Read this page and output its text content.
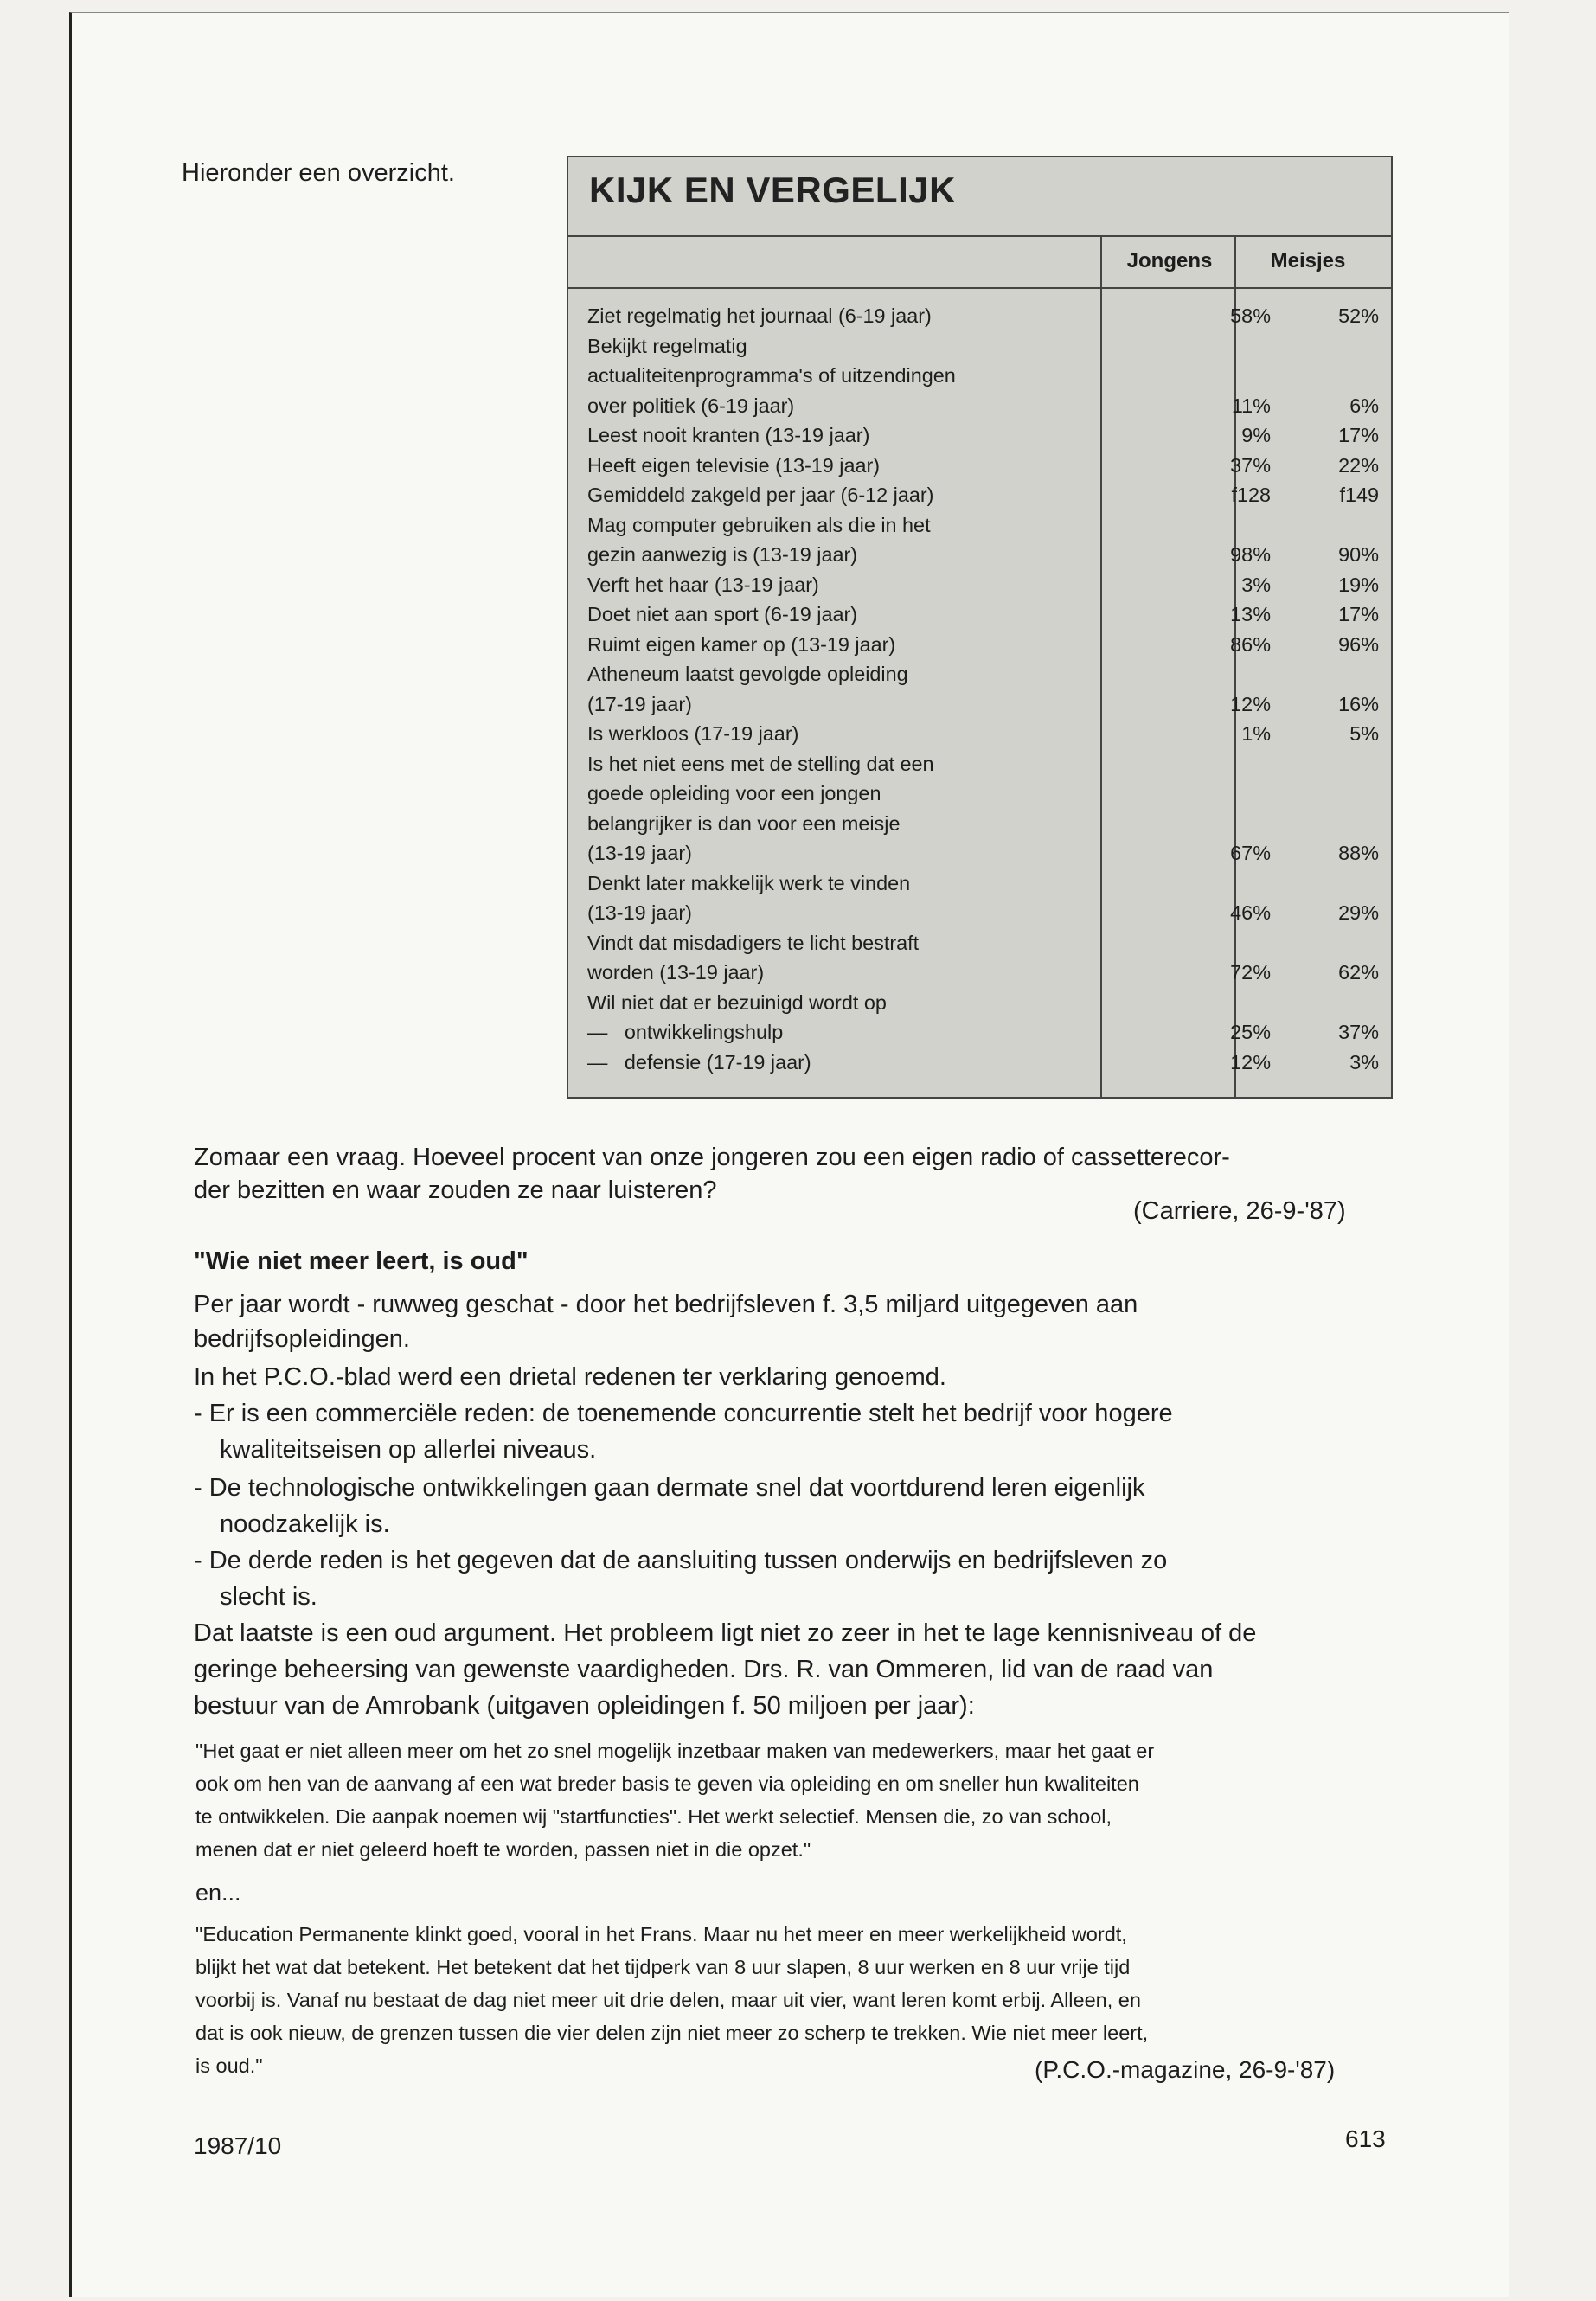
Hieronder een overzicht.	KIJK EN VERGELIJK
Jongens	Meisjes
Ziet regelmatig het journaal (6-19 jaar)	58%	52%
Bekijkt regelmatig
actualiteitenprogramma's of uitzendingen
over politiek (6-19 jaar)	11%	6%
Leest nooit kranten (13-19 jaar)	9%	17%
Heeft eigen televisie (13-19 jaar)	37%	22%
Gemiddeld zakgeld per jaar (6-12 jaar)	f128	f149
Mag computer gebruiken als die in het
gezin aanwezig is (13-19 jaar)	98%	90%
Verft het haar (13-19 jaar)	3%	19%
Doet niet aan sport (6-19 jaar)	13%	17%
Ruimt eigen kamer op (13-19 jaar)	86%	96%
Atheneum laatst gevolgde opleiding
(17-19 jaar)	12%	16%
Is werkloos (17-19 jaar)	1%	5%
Is het niet eens met de stelling dat een
goede opleiding voor een jongen
belangrijker is dan voor een meisje
(13-19 jaar)	67%	88%
Denkt later makkelijk werk te vinden
(13-19 jaar)	46%	29%
Vindt dat misdadigers te licht bestraft
worden (13-19 jaar)	72%	62%
Wil niet dat er bezuinigd wordt op
—   ontwikkelingshulp	25%	37%
—   defensie (17-19 jaar)	12%	3%
Zomaar een vraag. Hoeveel procent van onze jongeren zou een eigen radio of cassetterecor-
der bezitten en waar zouden ze naar luisteren?
(Carriere, 26-9-'87)
"Wie niet meer leert, is oud"
Per jaar wordt - ruwweg geschat - door het bedrijfsleven f. 3,5 miljard uitgegeven aan
bedrijfsopleidingen.
In het P.C.O.-blad werd een drietal redenen ter verklaring genoemd.
- Er is een commerciële reden: de toenemende concurrentie stelt het bedrijf voor hogere
kwaliteitseisen op allerlei niveaus.
- De technologische ontwikkelingen gaan dermate snel dat voortdurend leren eigenlijk
noodzakelijk is.
- De derde reden is het gegeven dat de aansluiting tussen onderwijs en bedrijfsleven zo
slecht is.
Dat laatste is een oud argument. Het probleem ligt niet zo zeer in het te lage kennisniveau of de
geringe beheersing van gewenste vaardigheden. Drs. R. van Ommeren, lid van de raad van
bestuur van de Amrobank (uitgaven opleidingen f. 50 miljoen per jaar):
"Het gaat er niet alleen meer om het zo snel mogelijk inzetbaar maken van medewerkers, maar het gaat er
ook om hen van de aanvang af een wat breder basis te geven via opleiding en om sneller hun kwaliteiten
te ontwikkelen. Die aanpak noemen wij "startfuncties". Het werkt selectief. Mensen die, zo van school,
menen dat er niet geleerd hoeft te worden, passen niet in die opzet."
en...
"Education Permanente klinkt goed, vooral in het Frans. Maar nu het meer en meer werkelijkheid wordt,
blijkt het wat dat betekent. Het betekent dat het tijdperk van 8 uur slapen, 8 uur werken en 8 uur vrije tijd
voorbij is. Vanaf nu bestaat de dag niet meer uit drie delen, maar uit vier, want leren komt erbij. Alleen, en
dat is ook nieuw, de grenzen tussen die vier delen zijn niet meer zo scherp te trekken. Wie niet meer leert,
is oud."	(P.C.O.-magazine, 26-9-'87)
1987/10	613
